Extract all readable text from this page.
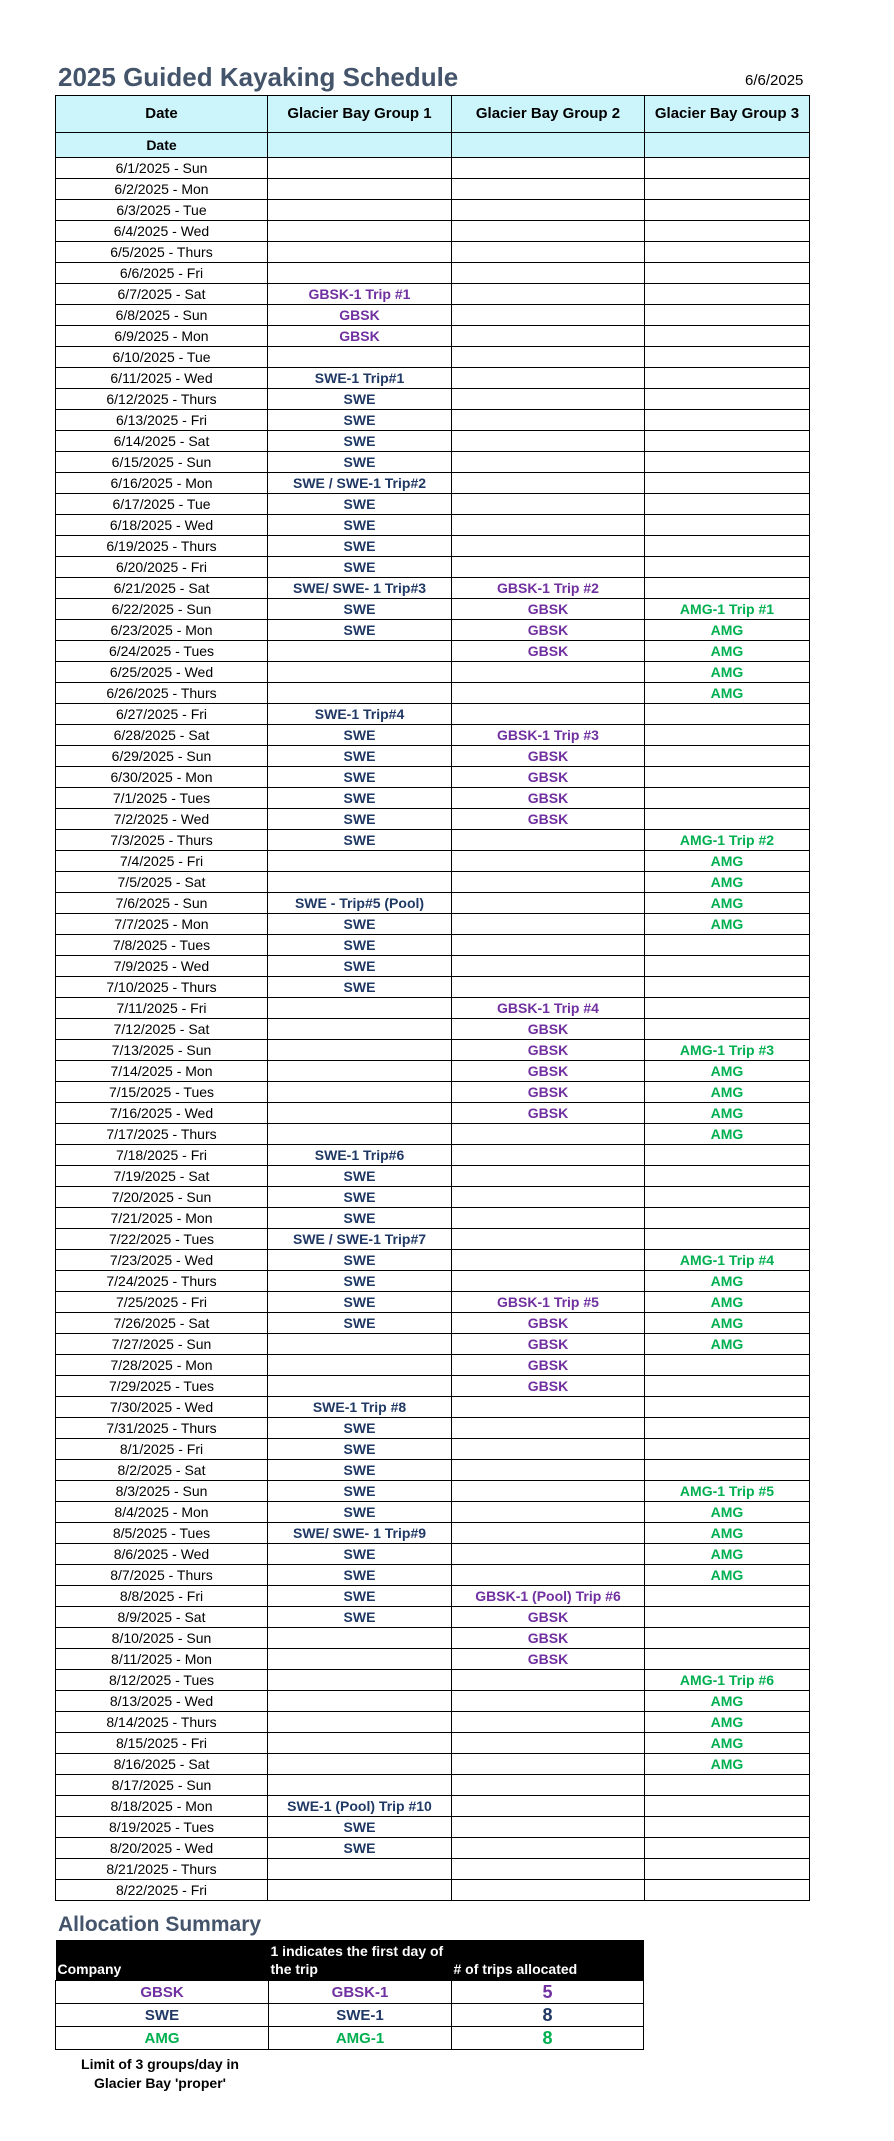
2025 Guided Kayaking Schedule	6/6/2025
Date	Glacier Bay Group 1	Glacier Bay Group 2	Glacier Bay Group 3
Date			
6/1/2025 - Sun			
6/2/2025 - Mon			
6/3/2025 - Tue			
6/4/2025 - Wed			
6/5/2025 - Thurs			
6/6/2025 - Fri			
6/7/2025 - Sat	GBSK-1 Trip #1		
6/8/2025 - Sun	GBSK		
6/9/2025 - Mon	GBSK		
6/10/2025 - Tue			
6/11/2025 - Wed	SWE-1 Trip#1		
6/12/2025 - Thurs	SWE		
6/13/2025 - Fri	SWE		
6/14/2025 - Sat	SWE		
6/15/2025 - Sun	SWE		
6/16/2025 - Mon	SWE / SWE-1 Trip#2		
6/17/2025 - Tue	SWE		
6/18/2025 - Wed	SWE		
6/19/2025 - Thurs	SWE		
6/20/2025 - Fri	SWE		
6/21/2025 - Sat	SWE/ SWE- 1 Trip#3	GBSK-1 Trip #2	
6/22/2025 - Sun	SWE	GBSK	AMG-1 Trip #1
6/23/2025 - Mon	SWE	GBSK	AMG
6/24/2025 - Tues		GBSK	AMG
6/25/2025 - Wed			AMG
6/26/2025 - Thurs			AMG
6/27/2025 - Fri	SWE-1 Trip#4		
6/28/2025 - Sat	SWE	GBSK-1 Trip #3	
6/29/2025 - Sun	SWE	GBSK	
6/30/2025 - Mon	SWE	GBSK	
7/1/2025 - Tues	SWE	GBSK	
7/2/2025 - Wed	SWE	GBSK	
7/3/2025 - Thurs	SWE		AMG-1 Trip #2
7/4/2025 - Fri			AMG
7/5/2025 - Sat			AMG
7/6/2025 - Sun	SWE - Trip#5 (Pool)		AMG
7/7/2025 - Mon	SWE		AMG
7/8/2025 - Tues	SWE		
7/9/2025 - Wed	SWE		
7/10/2025 - Thurs	SWE		
7/11/2025 - Fri		GBSK-1 Trip #4	
7/12/2025 - Sat		GBSK	
7/13/2025 - Sun		GBSK	AMG-1 Trip #3
7/14/2025 - Mon		GBSK	AMG
7/15/2025 - Tues		GBSK	AMG
7/16/2025 - Wed		GBSK	AMG
7/17/2025 - Thurs			AMG
7/18/2025 - Fri	SWE-1 Trip#6		
7/19/2025 - Sat	SWE		
7/20/2025 - Sun	SWE		
7/21/2025 - Mon	SWE		
7/22/2025 - Tues	SWE / SWE-1 Trip#7		
7/23/2025 - Wed	SWE		AMG-1 Trip #4
7/24/2025 - Thurs	SWE		AMG
7/25/2025 - Fri	SWE	GBSK-1 Trip #5	AMG
7/26/2025 - Sat	SWE	GBSK	AMG
7/27/2025 - Sun		GBSK	AMG
7/28/2025 - Mon		GBSK	
7/29/2025 - Tues		GBSK	
7/30/2025 - Wed	SWE-1 Trip #8		
7/31/2025 - Thurs	SWE		
8/1/2025 - Fri	SWE		
8/2/2025 - Sat	SWE		
8/3/2025 - Sun	SWE		AMG-1 Trip #5
8/4/2025 - Mon	SWE		AMG
8/5/2025 - Tues	SWE/ SWE- 1 Trip#9		AMG
8/6/2025 - Wed	SWE		AMG
8/7/2025 - Thurs	SWE		AMG
8/8/2025 - Fri	SWE	GBSK-1 (Pool) Trip #6	
8/9/2025 - Sat	SWE	GBSK	
8/10/2025 - Sun		GBSK	
8/11/2025 - Mon		GBSK	
8/12/2025 - Tues			AMG-1 Trip #6
8/13/2025 - Wed			AMG
8/14/2025 - Thurs			AMG
8/15/2025 - Fri			AMG
8/16/2025 - Sat			AMG
8/17/2025 - Sun			
8/18/2025 - Mon	SWE-1 (Pool) Trip #10		
8/19/2025 - Tues	SWE		
8/20/2025 - Wed	SWE		
8/21/2025 - Thurs			
8/22/2025 - Fri			
Allocation Summary
Company	1 indicates the first day of the trip	# of trips allocated
GBSK	GBSK-1	5
SWE	SWE-1	8
AMG	AMG-1	8
Limit of 3 groups/day in Glacier Bay 'proper'
